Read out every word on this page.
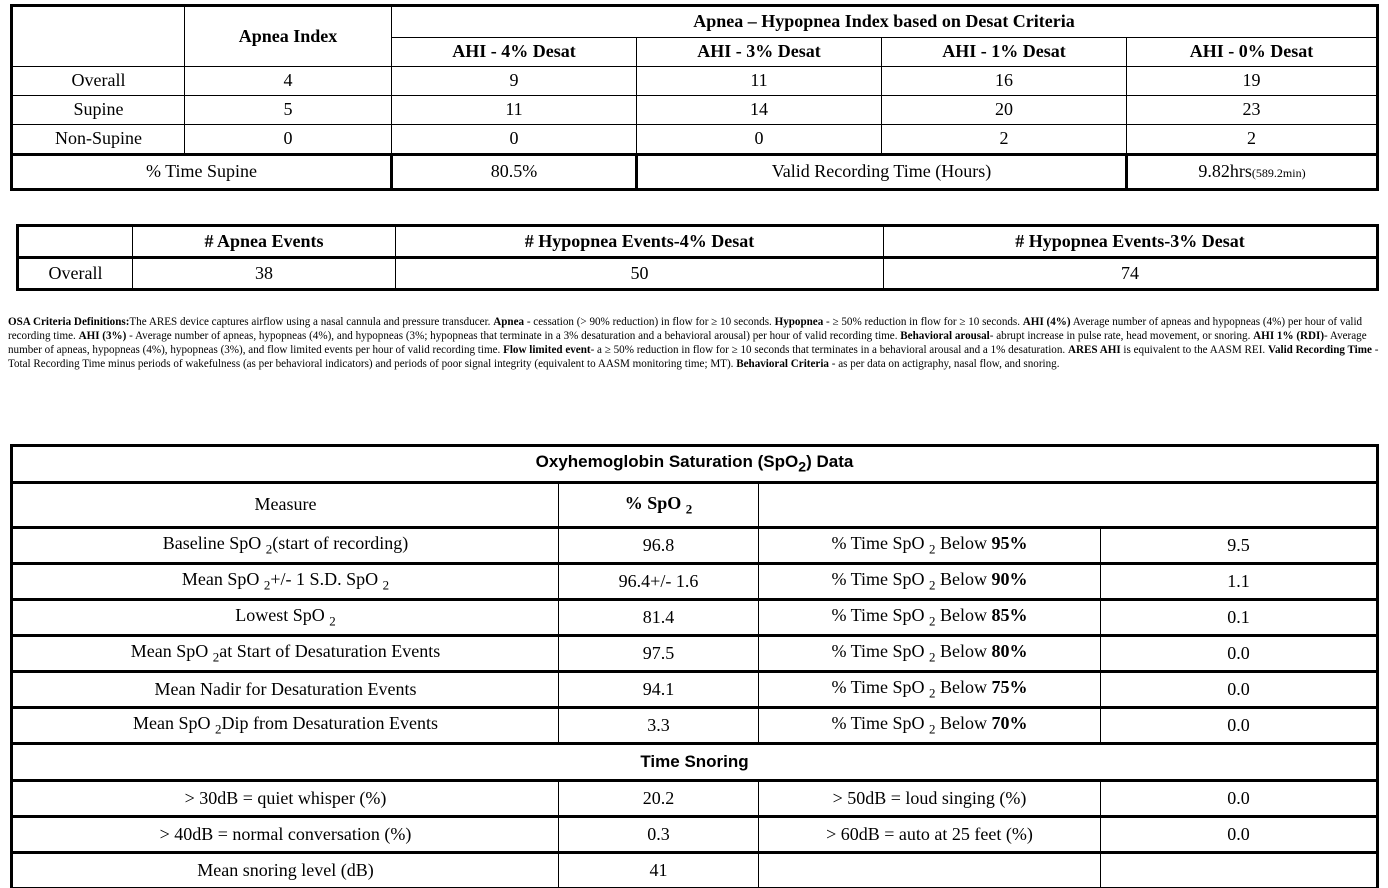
	Apnea Index	Apnea – Hypopnea Index based on Desat Criteria			
		AHI - 4% Desat	AHI - 3% Desat	AHI - 1% Desat	AHI - 0% Desat
Overall	4	9	11	16	19
Supine	5	11	14	20	23
Non-Supine	0	0	0	2	2
% Time Supine		80.5%	Valid Recording Time (Hours)		9.82hrs(589.2min)
	# Apnea Events	# Hypopnea Events-4% Desat	# Hypopnea Events-3% Desat
Overall	38	50	74
OSA Criteria Definitions:The ARES device captures airflow using a nasal cannula and pressure transducer. Apnea - cessation (> 90% reduction) in flow for ≥ 10 seconds. Hypopnea - ≥ 50% reduction in flow for ≥ 10 seconds. AHI (4%) Average number of apneas and hypopneas (4%) per hour of valid recording time. AHI (3%) - Average number of apneas, hypopneas (4%), and hypopneas (3%; hypopneas that terminate in a 3% desaturation and a behavioral arousal) per hour of valid recording time. Behavioral arousal- abrupt increase in pulse rate, head movement, or snoring. AHI 1% (RDI)- Average number of apneas, hypopneas (4%), hypopneas (3%), and flow limited events per hour of valid recording time. Flow limited event- a ≥ 50% reduction in flow for ≥ 10 seconds that terminates in a behavioral arousal and a 1% desaturation. ARES AHI is equivalent to the AASM REI. Valid Recording Time - Total Recording Time minus periods of wakefulness (as per behavioral indicators) and periods of poor signal integrity (equivalent to AASM monitoring time; MT). Behavioral Criteria - as per data on actigraphy, nasal flow, and snoring.
Oxyhemoglobin Saturation (SpO$_2$) Data			
Measure	% SpO $_2$	
Baseline SpO $_2$(start of recording)	96.8	% Time SpO $_2$ Below 95%	9.5
Mean SpO $_2$+/- 1 S.D. SpO $_2$	96.4+/- 1.6	% Time SpO $_2$ Below 90%	1.1
Lowest SpO $_2$	81.4	% Time SpO $_2$ Below 85%	0.1
Mean SpO $_2$at Start of Desaturation Events	97.5	% Time SpO $_2$ Below 80%	0.0
Mean Nadir for Desaturation Events	94.1	% Time SpO $_2$ Below 75%	0.0
Mean SpO $_2$Dip from Desaturation Events	3.3	% Time SpO $_2$ Below 70%	0.0
Time Snoring			
> 30dB = quiet whisper (%)	20.2	> 50dB = loud singing (%)	0.0
> 40dB = normal conversation (%)	0.3	> 60dB = auto at 25 feet (%)	0.0
Mean snoring level (dB)	41		
